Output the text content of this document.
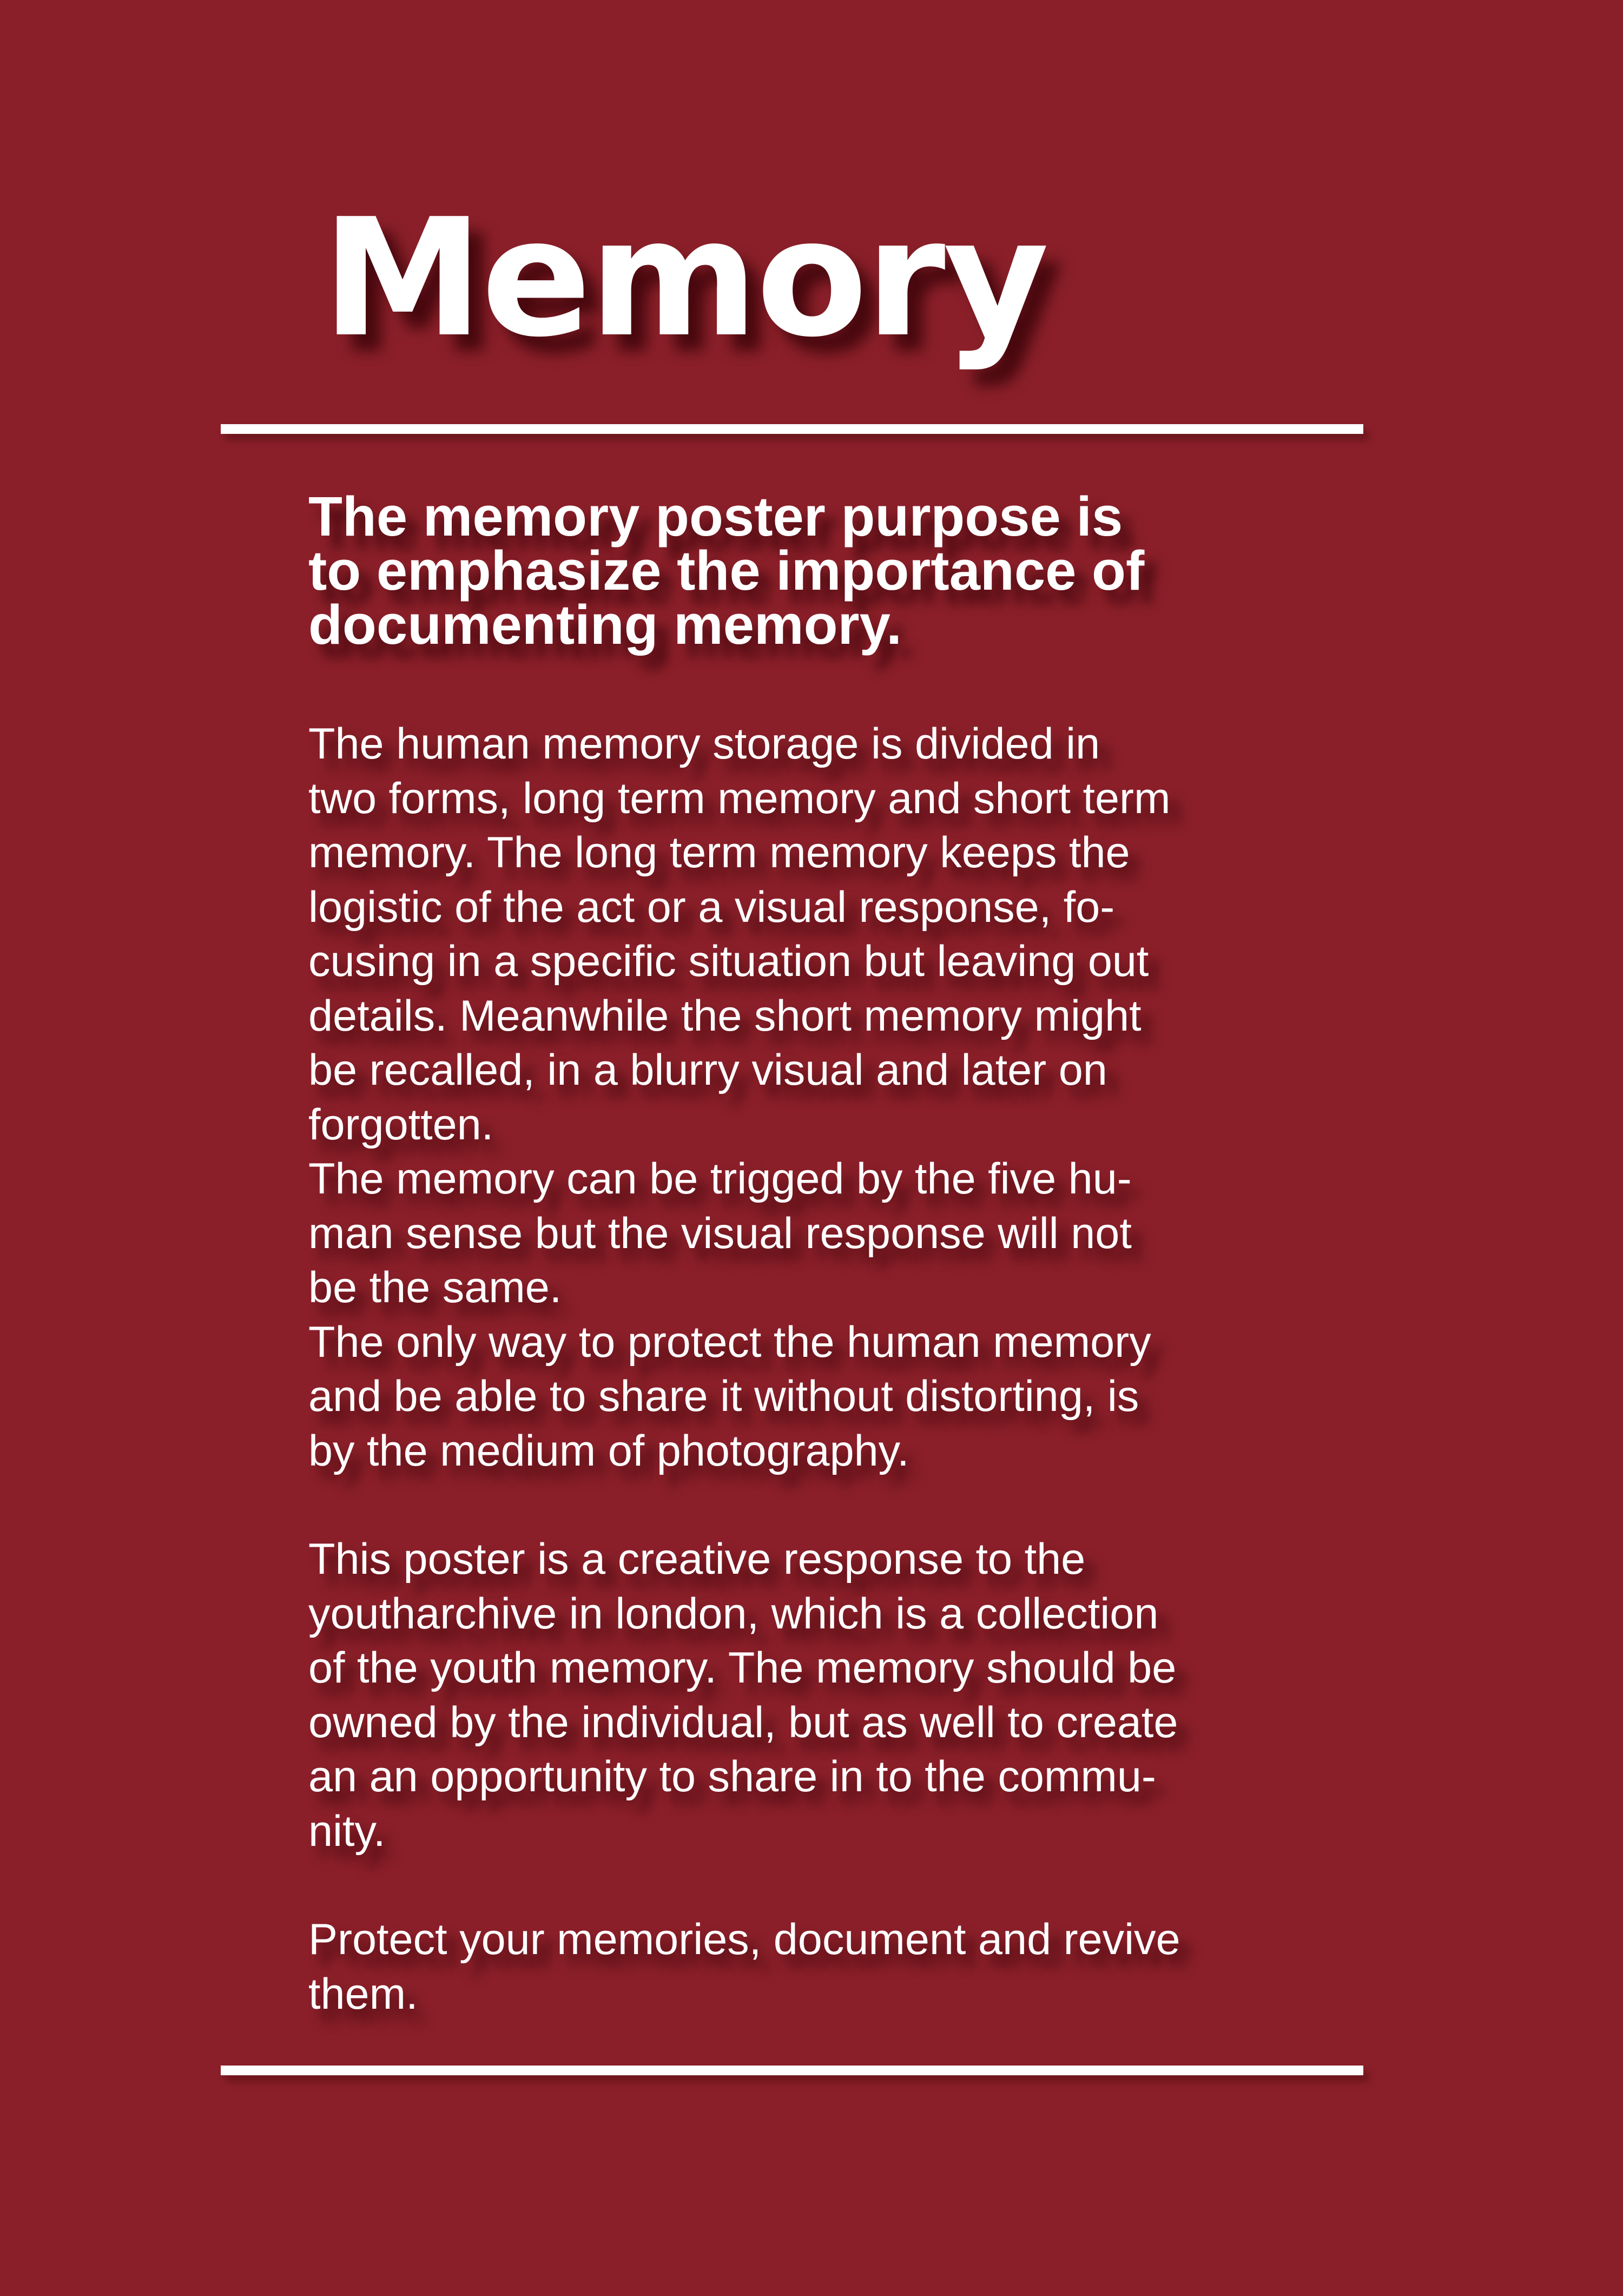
Memory

The memory poster purpose is
to emphasize the importance of
documenting memory.

The human memory storage is divided in
two forms, long term memory and short term
memory. The long term memory keeps the
logistic of the act or a visual response, fo-
cusing in a specific situation but leaving out
details. Meanwhile the short memory might
be recalled, in a blurry visual and later on
forgotten.

The memory can be trigged by the five hu-
man sense but the visual response will not
be the same.

The only way to protect the human memory
and be able to share it without distorting, is
by the medium of photography.

This poster is a creative response to the
youtharchive in london, which is a collection
of the youth memory. The memory should be
owned by the individual, but as well to create
an an opportunity to share in to the commu-
nity.

Protect your memories, document and revive
them.
